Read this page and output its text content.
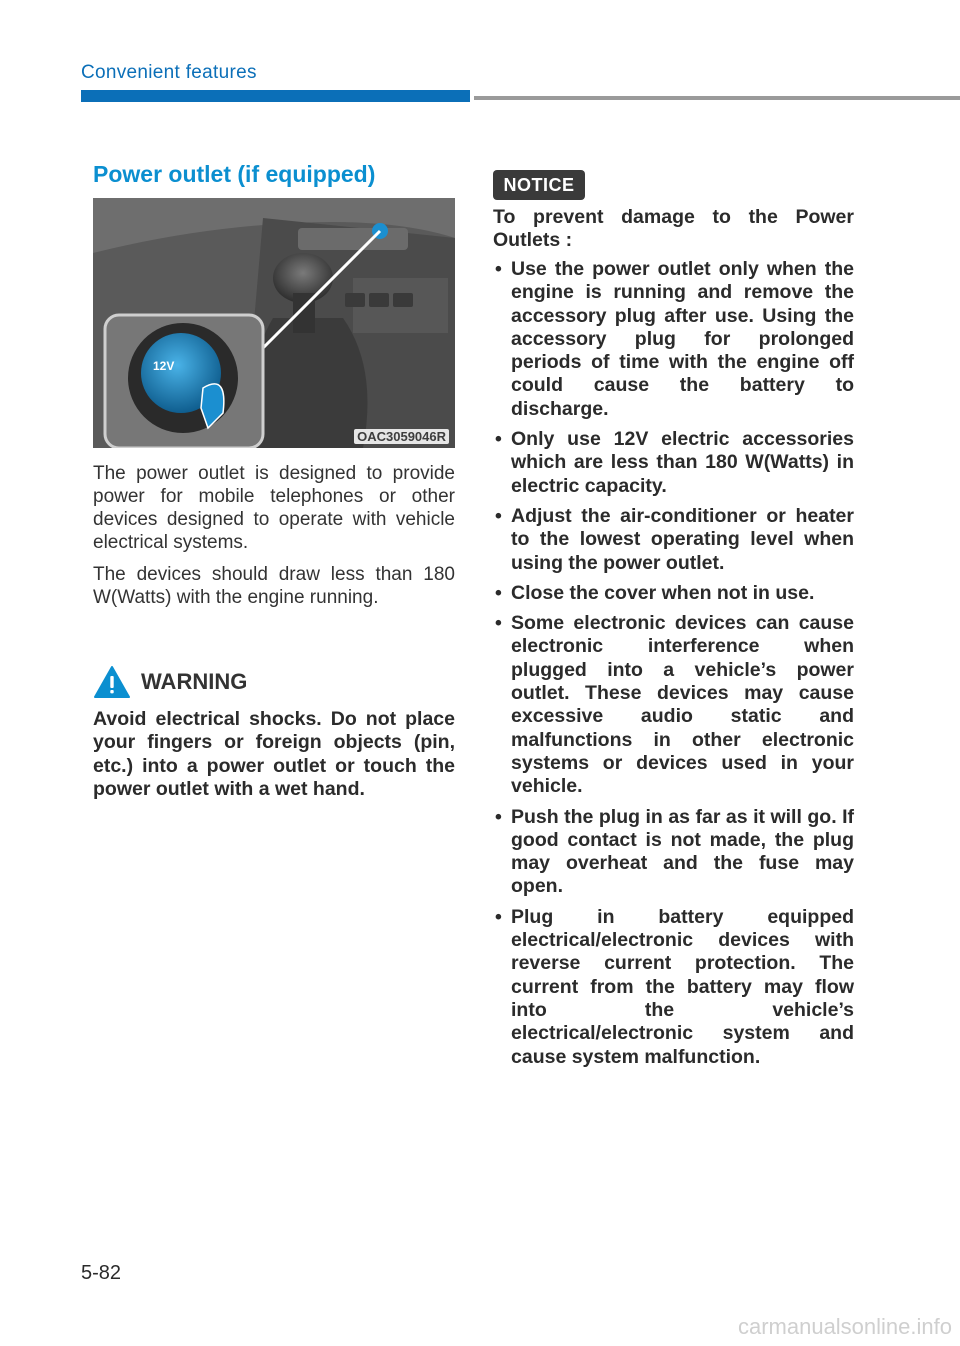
Convenient features
Power outlet (if equipped)
12V
OAC3059046R

The power outlet is designed to provide power for mobile telephones or other devices designed to operate with vehicle electrical systems.

The devices should draw less than 180 W(Watts) with the engine running.

WARNING

Avoid electrical shocks. Do not place your fingers or foreign objects (pin, etc.) into a power outlet or touch the power outlet with a wet hand.

NOTICE

To prevent damage to the Power Outlets :

• Use the power outlet only when the engine is running and remove the accessory plug after use. Using the accessory plug for prolonged periods of time with the engine off could cause the battery to discharge.
• Only use 12V electric accessories which are less than 180 W(Watts) in electric capacity.
• Adjust the air-conditioner or heater to the lowest operating level when using the power outlet.
• Close the cover when not in use.
• Some electronic devices can cause electronic interference when plugged into a vehicle’s power outlet. These devices may cause excessive audio static and malfunctions in other electronic systems or devices used in your vehicle.
• Push the plug in as far as it will go. If good contact is not made, the plug may overheat and the fuse may open.
• Plug in battery equipped electrical/electronic devices with reverse current protection. The current from the battery may flow into the vehicle’s electrical/electronic system and cause system malfunction.
5-82
carmanualsonline.info
